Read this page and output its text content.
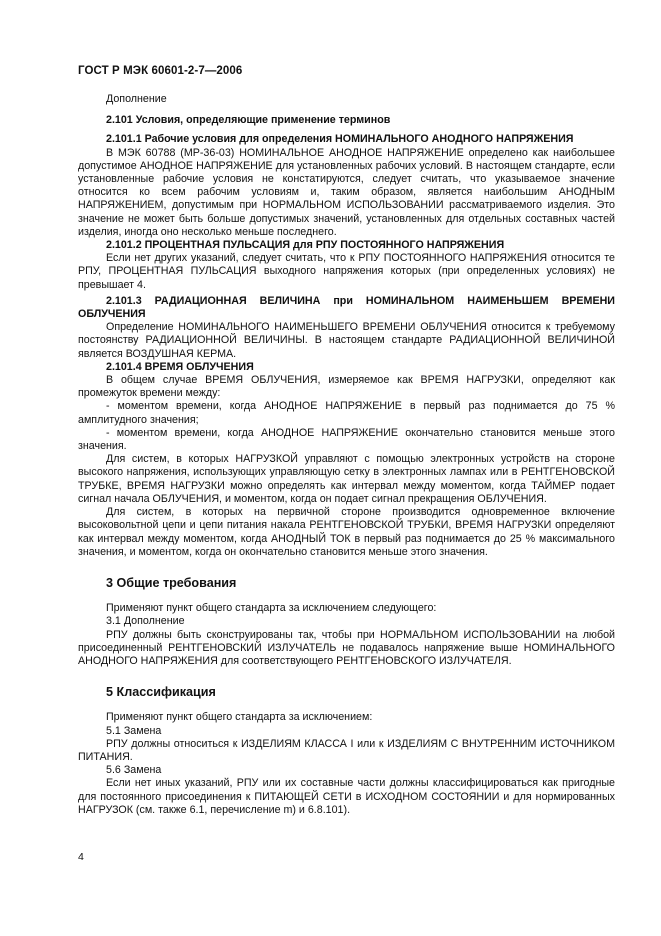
ГОСТ Р МЭК 60601-2-7—2006

Дополнение

2.101 Условия, определяющие применение терминов

2.101.1 Рабочие условия для определения НОМИНАЛЬНОГО АНОДНОГО НАПРЯЖЕНИЯ

В МЭК 60788 (МР-36-03) НОМИНАЛЬНОЕ АНОДНОЕ НАПРЯЖЕНИЕ определено как наибольшее допустимое АНОДНОЕ НАПРЯЖЕНИЕ для установленных рабочих условий. В настоящем стандарте, если установленные рабочие условия не констатируются, следует считать, что указываемое значение относится ко всем рабочим условиям и, таким образом, является наибольшим АНОДНЫМ НАПРЯЖЕНИЕМ, допустимым при НОРМАЛЬНОМ ИСПОЛЬЗОВАНИИ рассматриваемого изделия. Это значение не может быть больше допустимых значений, установленных для отдельных составных частей изделия, иногда оно несколько меньше последнего.

2.101.2 ПРОЦЕНТНАЯ ПУЛЬСАЦИЯ для РПУ ПОСТОЯННОГО НАПРЯЖЕНИЯ

Если нет других указаний, следует считать, что к РПУ ПОСТОЯННОГО НАПРЯЖЕНИЯ относится те РПУ, ПРОЦЕНТНАЯ ПУЛЬСАЦИЯ выходного напряжения которых (при определенных условиях) не превышает 4.

2.101.3 РАДИАЦИОННАЯ ВЕЛИЧИНА при НОМИНАЛЬНОМ НАИМЕНЬШЕМ ВРЕМЕНИ ОБЛУЧЕНИЯ

Определение НОМИНАЛЬНОГО НАИМЕНЬШЕГО ВРЕМЕНИ ОБЛУЧЕНИЯ относится к требуемому постоянству РАДИАЦИОННОЙ ВЕЛИЧИНЫ. В настоящем стандарте РАДИАЦИОННОЙ ВЕЛИЧИНОЙ является ВОЗДУШНАЯ КЕРМА.

2.101.4 ВРЕМЯ ОБЛУЧЕНИЯ

В общем случае ВРЕМЯ ОБЛУЧЕНИЯ, измеряемое как ВРЕМЯ НАГРУЗКИ, определяют как промежуток времени между:

- моментом времени, когда АНОДНОЕ НАПРЯЖЕНИЕ в первый раз поднимается до 75 % амплитудного значения;

- моментом времени, когда АНОДНОЕ НАПРЯЖЕНИЕ окончательно становится меньше этого значения.

Для систем, в которых НАГРУЗКОЙ управляют с помощью электронных устройств на стороне высокого напряжения, использующих управляющую сетку в электронных лампах или в РЕНТГЕНОВСКОЙ ТРУБКЕ, ВРЕМЯ НАГРУЗКИ можно определять как интервал между моментом, когда ТАЙМЕР подает сигнал начала ОБЛУЧЕНИЯ, и моментом, когда он подает сигнал прекращения ОБЛУЧЕНИЯ.

Для систем, в которых на первичной стороне производится одновременное включение высоковольтной цепи и цепи питания накала РЕНТГЕНОВСКОЙ ТРУБКИ, ВРЕМЯ НАГРУЗКИ определяют как интервал между моментом, когда АНОДНЫЙ ТОК в первый раз поднимается до 25 % максимального значения, и моментом, когда он окончательно становится меньше этого значения.

3 Общие требования

Применяют пункт общего стандарта за исключением следующего:

3.1 Дополнение

РПУ должны быть сконструированы так, чтобы при НОРМАЛЬНОМ ИСПОЛЬЗОВАНИИ на любой присоединенный РЕНТГЕНОВСКИЙ ИЗЛУЧАТЕЛЬ не подавалось напряжение выше НОМИНАЛЬНОГО АНОДНОГО НАПРЯЖЕНИЯ для соответствующего РЕНТГЕНОВСКОГО ИЗЛУЧАТЕЛЯ.

5 Классификация

Применяют пункт общего стандарта за исключением:

5.1 Замена

РПУ должны относиться к ИЗДЕЛИЯМ КЛАССА I или к ИЗДЕЛИЯМ С ВНУТРЕННИМ ИСТОЧНИКОМ ПИТАНИЯ.

5.6 Замена

Если нет иных указаний, РПУ или их составные части должны классифицироваться как пригодные для постоянного присоединения к ПИТАЮЩЕЙ СЕТИ в ИСХОДНОМ СОСТОЯНИИ и для нормированных НАГРУЗОК (см. также 6.1, перечисление m) и 6.8.101).

4
